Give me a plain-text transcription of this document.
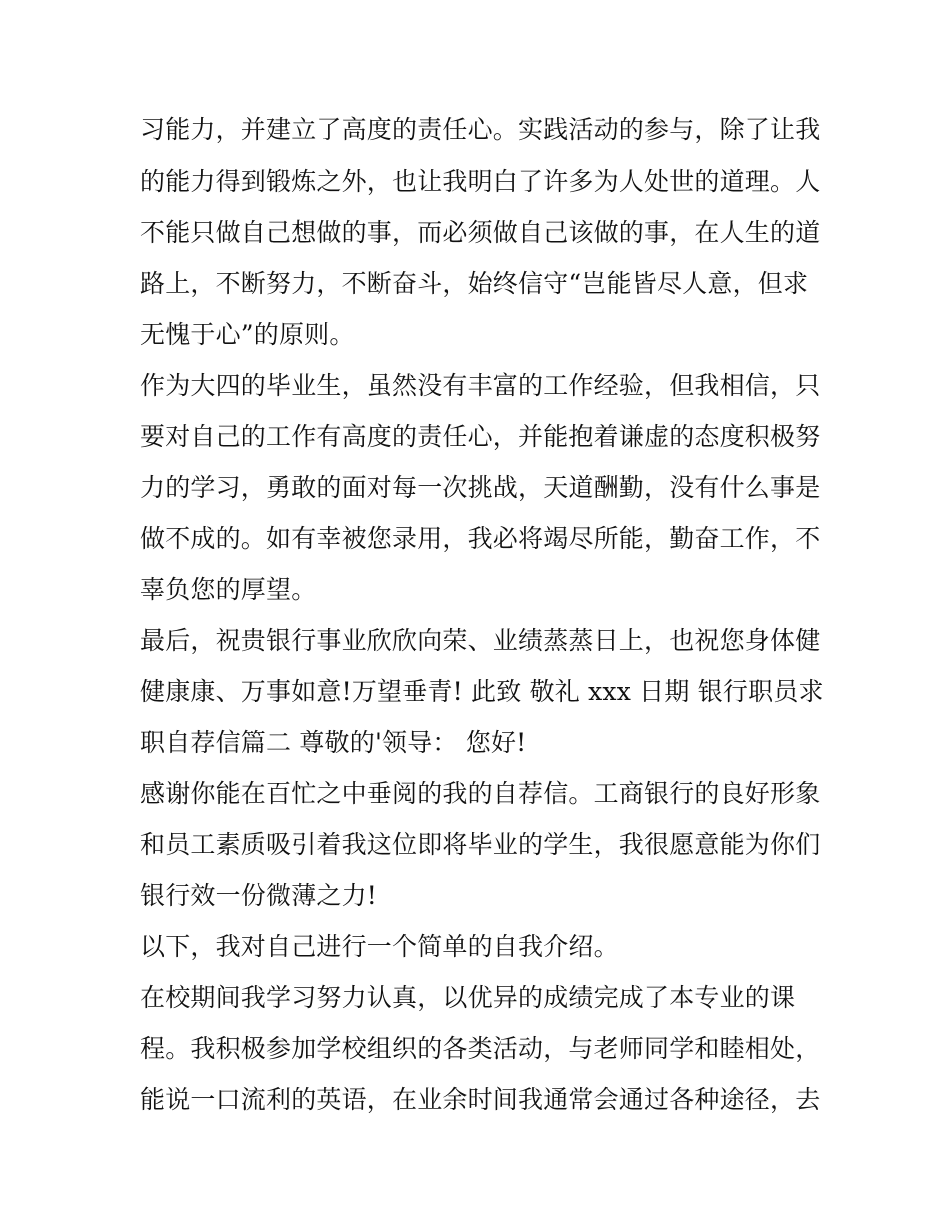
习能力，并建立了高度的责任心。实践活动的参与，除了让我
的能力得到锻炼之外，也让我明白了许多为人处世的道理。人
不能只做自己想做的事，而必须做自己该做的事，在人生的道
路上，不断努力，不断奋斗，始终信守“岂能皆尽人意，但求
无愧于心”的原则。
作为大四的毕业生，虽然没有丰富的工作经验，但我相信，只
要对自己的工作有高度的责任心，并能抱着谦虚的态度积极努
力的学习，勇敢的面对每一次挑战，天道酬勤，没有什么事是
做不成的。如有幸被您录用，我必将竭尽所能，勤奋工作，不
辜负您的厚望。
最后，祝贵银行事业欣欣向荣、业绩蒸蒸日上，也祝您身体健
健康康、万事如意!万望垂青! 此致 敬礼 xxx 日期 银行职员求
职自荐信篇二 尊敬的'领导： 您好!
感谢你能在百忙之中垂阅的我的自荐信。工商银行的良好形象
和员工素质吸引着我这位即将毕业的学生，我很愿意能为你们
银行效一份微薄之力!
以下，我对自己进行一个简单的自我介绍。
在校期间我学习努力认真，以优异的成绩完成了本专业的课
程。我积极参加学校组织的各类活动，与老师同学和睦相处，
能说一口流利的英语，在业余时间我通常会通过各种途径，去
